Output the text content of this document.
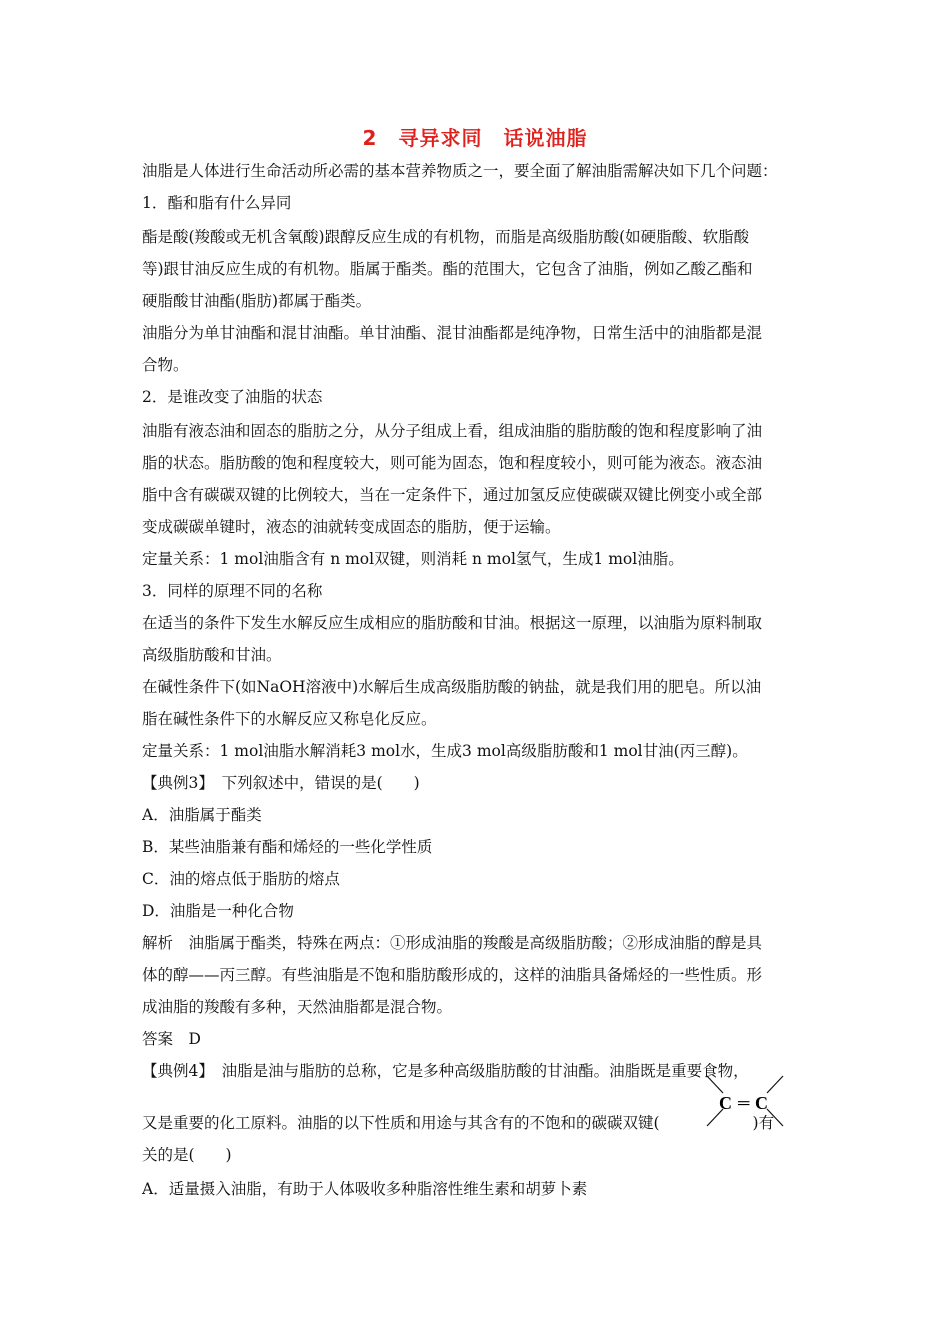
2　寻异求同　话说油脂
油脂是人体进行生命活动所必需的基本营养物质之一，要全面了解油脂需解决如下几个问题：
1．酯和脂有什么异同
酯是酸(羧酸或无机含氧酸)跟醇反应生成的有机物，而脂是高级脂肪酸(如硬脂酸、软脂酸
等)跟甘油反应生成的有机物。脂属于酯类。酯的范围大，它包含了油脂，例如乙酸乙酯和
硬脂酸甘油酯(脂肪)都属于酯类。
油脂分为单甘油酯和混甘油酯。单甘油酯、混甘油酯都是纯净物，日常生活中的油脂都是混
合物。
2．是谁改变了油脂的状态
油脂有液态油和固态的脂肪之分，从分子组成上看，组成油脂的脂肪酸的饱和程度影响了油
脂的状态。脂肪酸的饱和程度较大，则可能为固态，饱和程度较小，则可能为液态。液态油
脂中含有碳碳双键的比例较大，当在一定条件下，通过加氢反应使碳碳双键比例变小或全部
变成碳碳单键时，液态的油就转变成固态的脂肪，便于运输。
定量关系：1 mol油脂含有 n mol双键，则消耗 n mol氢气，生成1 mol油脂。
3．同样的原理不同的名称
在适当的条件下发生水解反应生成相应的脂肪酸和甘油。根据这一原理，以油脂为原料制取
高级脂肪酸和甘油。
在碱性条件下(如NaOH溶液中)水解后生成高级脂肪酸的钠盐，就是我们用的肥皂。所以油
脂在碱性条件下的水解反应又称皂化反应。
定量关系：1 mol油脂水解消耗3 mol水，生成3 mol高级脂肪酸和1 mol甘油(丙三醇)。
【典例3】　下列叙述中，错误的是(　　)
A．油脂属于酯类
B．某些油脂兼有酯和烯烃的一些化学性质
C．油的熔点低于脂肪的熔点
D．油脂是一种化合物
解析　油脂属于酯类，特殊在两点：①形成油脂的羧酸是高级脂肪酸；②形成油脂的醇是具
体的醇——丙三醇。有些油脂是不饱和脂肪酸形成的，这样的油脂具备烯烃的一些性质。形
成油脂的羧酸有多种，天然油脂都是混合物。
答案　D
【典例4】　油脂是油与脂肪的总称，它是多种高级脂肪酸的甘油酯。油脂既是重要食物，
又是重要的化工原料。油脂的以下性质和用途与其含有的不饱和的碳碳双键(　　　　　　)有
关的是(　　)
A．适量摄入油脂，有助于人体吸收多种脂溶性维生素和胡萝卜素
C ═ C
